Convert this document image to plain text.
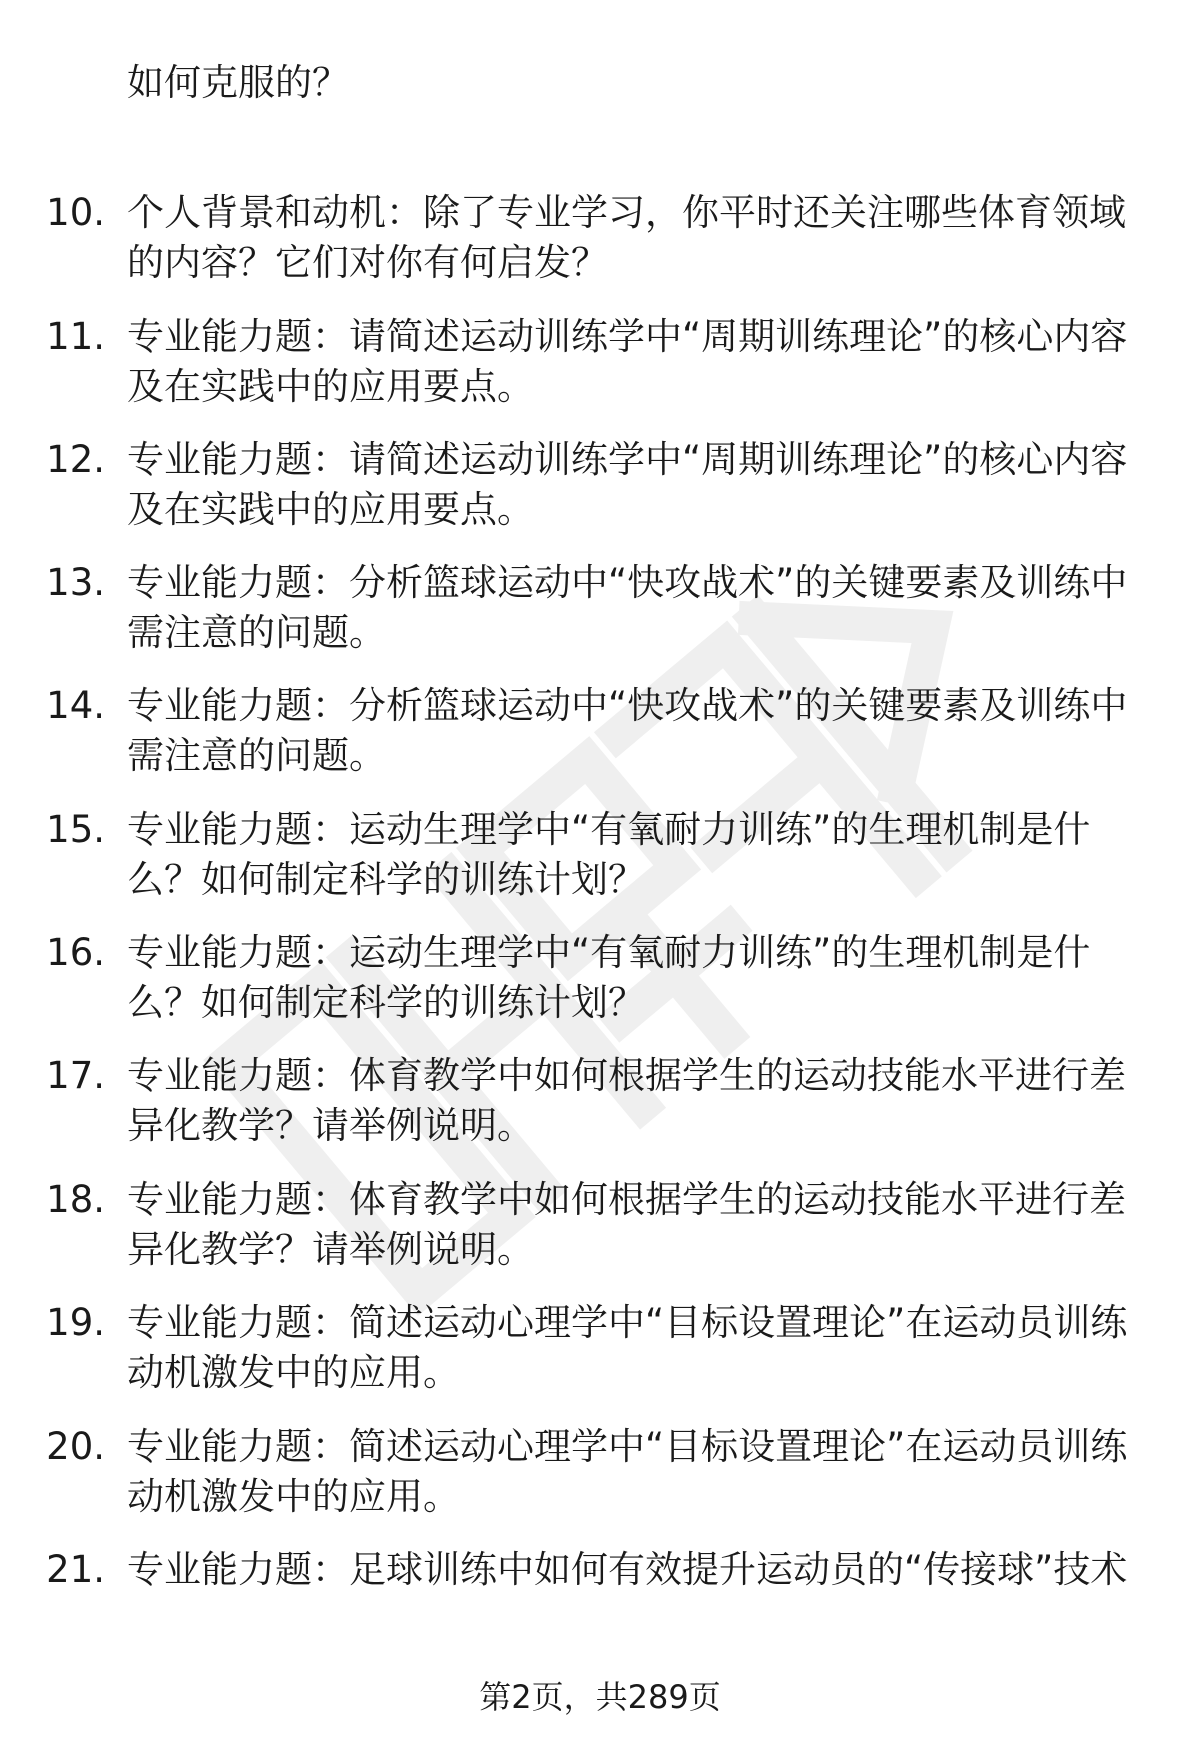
如何克服的？
10. 个人背景和动机：除了专业学习，你平时还关注哪些体育领域的内容？它们对你有何启发？
11. 专业能力题：请简述运动训练学中“周期训练理论”的核心内容及在实践中的应用要点。
12. 专业能力题：请简述运动训练学中“周期训练理论”的核心内容及在实践中的应用要点。
13. 专业能力题：分析篮球运动中“快攻战术”的关键要素及训练中需注意的问题。
14. 专业能力题：分析篮球运动中“快攻战术”的关键要素及训练中需注意的问题。
15. 专业能力题：运动生理学中“有氧耐力训练”的生理机制是什么？如何制定科学的训练计划？
16. 专业能力题：运动生理学中“有氧耐力训练”的生理机制是什么？如何制定科学的训练计划？
17. 专业能力题：体育教学中如何根据学生的运动技能水平进行差异化教学？请举例说明。
18. 专业能力题：体育教学中如何根据学生的运动技能水平进行差异化教学？请举例说明。
19. 专业能力题：简述运动心理学中“目标设置理论”在运动员训练动机激发中的应用。
20. 专业能力题：简述运动心理学中“目标设置理论”在运动员训练动机激发中的应用。
21. 专业能力题：足球训练中如何有效提升运动员的“传接球”技术
第2页，共289页
